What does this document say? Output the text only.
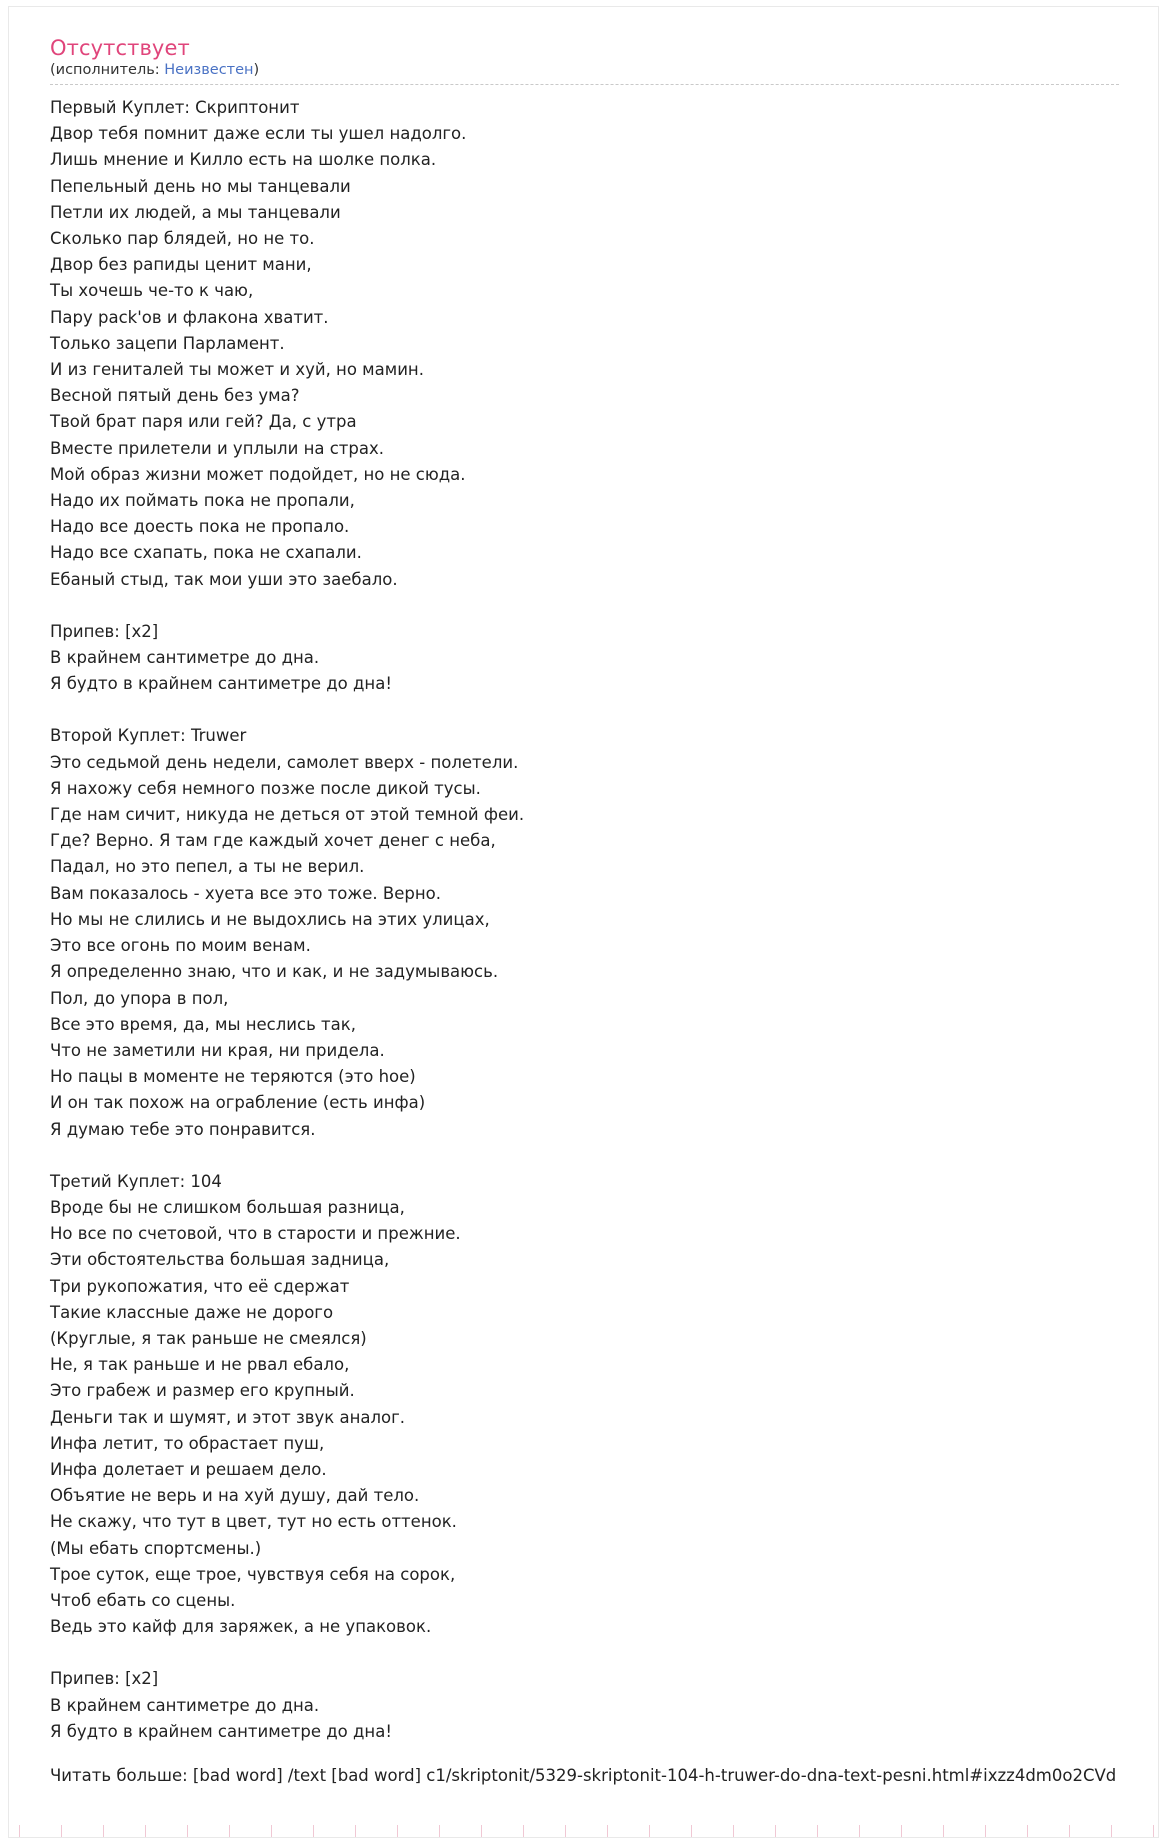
Отсутствует
(исполнитель: Неизвестен)
Первый Куплет: Скриптонит
Двор тебя помнит даже если ты ушел надолго.
Лишь мнение и Килло есть на шолке полка.
Пепельный день но мы танцевали
Петли их людей, а мы танцевали
Сколько пар блядей, но не то.
Двор без рапиды ценит мани,
Ты хочешь че-то к чаю,
Пару pack'ов и флакона хватит.
Только зацепи Парламент.
И из гениталей ты может и хуй, но мамин.
Весной пятый день без ума?
Твой брат паря или гей? Да, с утра
Вместе прилетели и уплыли на страх.
Мой образ жизни может подойдет, но не сюда.
Надо их поймать пока не пропали,
Надо все доесть пока не пропало.
Надо все схапать, пока не схапали.
Ебаный стыд, так мои уши это заебало.
Припев: [х2]
В крайнем сантиметре до дна.
Я будто в крайнем сантиметре до дна!
Второй Куплет: Truwer
Это седьмой день недели, самолет вверх - полетели.
Я нахожу себя немного позже после дикой тусы.
Где нам сичит, никуда не деться от этой темной феи.
Где? Верно. Я там где каждый хочет денег с неба,
Падал, но это пепел, а ты не верил.
Вам показалось - хуета все это тоже. Верно.
Но мы не слились и не выдохлись на этих улицах,
Это все огонь по моим венам.
Я определенно знаю, что и как, и не задумываюсь.
Пол, до упора в пол,
Все это время, да, мы неслись так,
Что не заметили ни края, ни придела.
Но пацы в моменте не теряются (это hoe)
И он так похож на ограбление (есть инфа)
Я думаю тебе это понравится.
Третий Куплет: 104
Вроде бы не слишком большая разница,
Но все по счетовой, что в старости и прежние.
Эти обстоятельства большая задница,
Три рукопожатия, что её сдержат
Такие классные даже не дорого
(Круглые, я так раньше не смеялся)
Не, я так раньше и не рвал ебало,
Это грабеж и размер его крупный.
Деньги так и шумят, и этот звук аналог.
Инфа летит, то обрастает пуш,
Инфа долетает и решаем дело.
Объятие не верь и на хуй душу, дай тело.
Не скажу, что тут в цвет, тут но есть оттенок.
(Мы ебать спортсмены.)
Трое суток, еще трое, чувствуя себя на сорок,
Чтоб ебать со сцены.
Ведь это кайф для заряжек, а не упаковок.
Припев: [х2]
В крайнем сантиметре до дна.
Я будто в крайнем сантиметре до дна!
Читать больше: [bad word] /text [bad word] c1/skriptonit/5329-skriptonit-104-h-truwer-do-dna-text-pesni.html#ixzz4dm0o2CVd
